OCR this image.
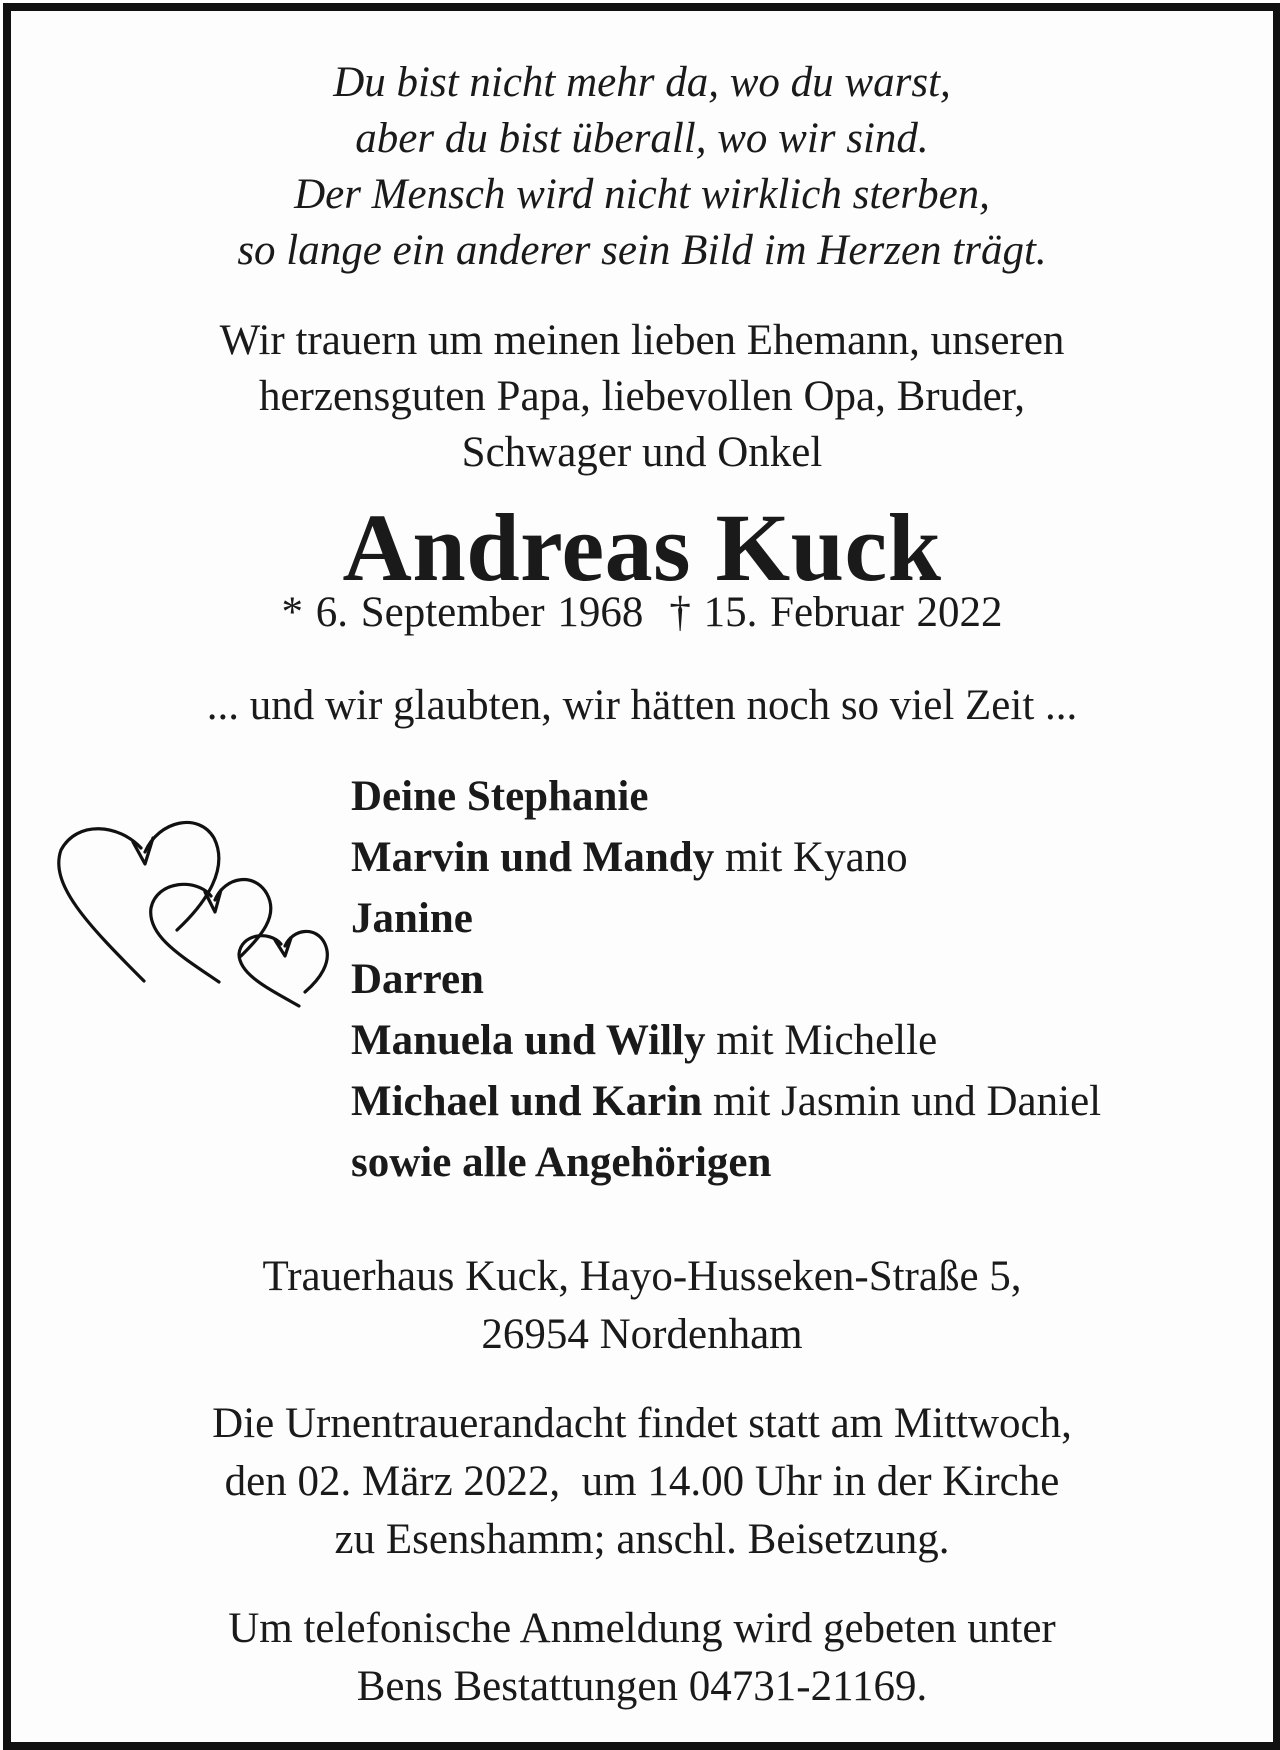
Du bist nicht mehr da, wo du warst,
aber du bist überall, wo wir sind.
Der Mensch wird nicht wirklich sterben,
so lange ein anderer sein Bild im Herzen trägt.
Wir trauern um meinen lieben Ehemann, unseren
herzensguten Papa, liebevollen Opa, Bruder,
Schwager und Onkel
Andreas Kuck
* 6. September 1968 † 15. Februar 2022
... und wir glaubten, wir hätten noch so viel Zeit ...
Deine Stephanie
Marvin und Mandy mit Kyano
Janine
Darren
Manuela und Willy mit Michelle
Michael und Karin mit Jasmin und Daniel
sowie alle Angehörigen
Trauerhaus Kuck, Hayo-Husseken-Straße 5,
26954 Nordenham
Die Urnentrauerandacht findet statt am Mittwoch,
den 02. März 2022,  um 14.00 Uhr in der Kirche
zu Esenshamm; anschl. Beisetzung.
Um telefonische Anmeldung wird gebeten unter
Bens Bestattungen 04731-21169.
